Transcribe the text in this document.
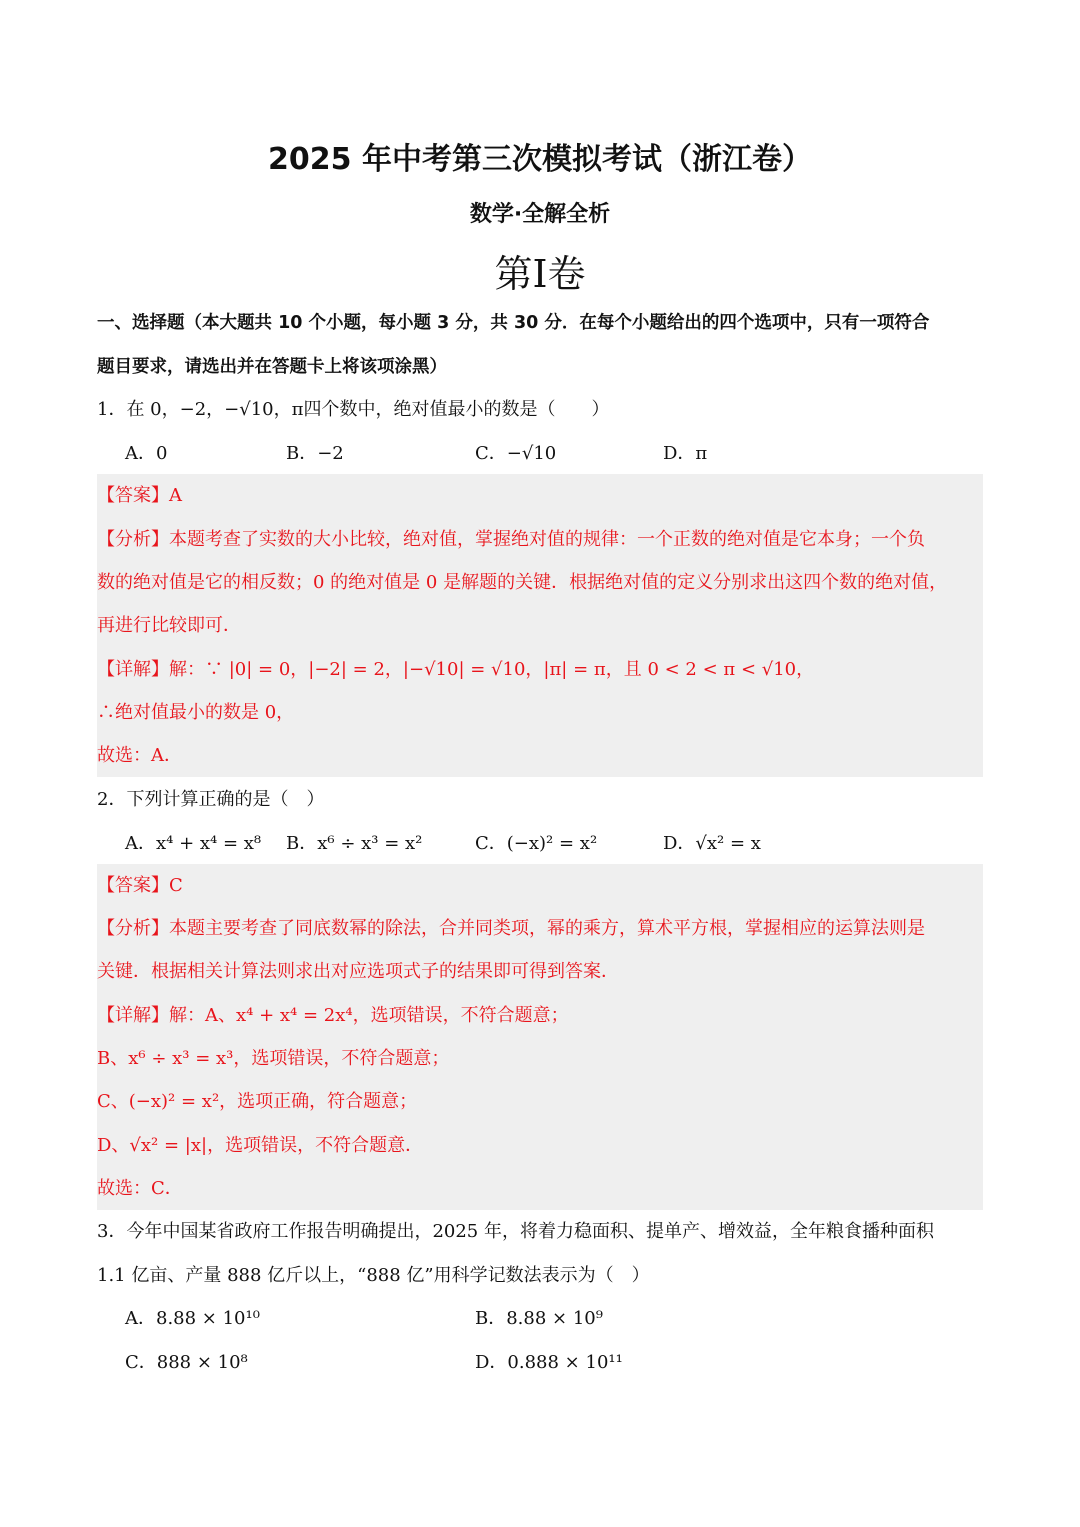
2025 年中考第三次模拟考试（浙江卷）
数学·全解全析
第I卷
一、选择题（本大题共 10 个小题，每小题 3 分，共 30 分．在每个小题给出的四个选项中，只有一项符合
题目要求，请选出并在答题卡上将该项涂黑）
1．在 0，−2，−√10，π四个数中，绝对值最小的数是（　　）
A．0	B．−2	C．−√10	D．π
【答案】A
【分析】本题考查了实数的大小比较，绝对值，掌握绝对值的规律：一个正数的绝对值是它本身；一个负
数的绝对值是它的相反数；0 的绝对值是 0 是解题的关键．根据绝对值的定义分别求出这四个数的绝对值，
再进行比较即可．
【详解】解：∵ |0| = 0，|−2| = 2，|−√10| = √10，|π| = π，且 0 < 2 < π < √10，
∴绝对值最小的数是 0，
故选：A．
2．下列计算正确的是（　）
A．x⁴ + x⁴ = x⁸ B．x⁶ ÷ x³ = x²	C．(−x)² = x²	D．√x² = x
【答案】C
【分析】本题主要考查了同底数幂的除法，合并同类项，幂的乘方，算术平方根，掌握相应的运算法则是
关键．根据相关计算法则求出对应选项式子的结果即可得到答案．
【详解】解：A、x⁴ + x⁴ = 2x⁴，选项错误，不符合题意；
B、x⁶ ÷ x³ = x³，选项错误，不符合题意；
C、(−x)² = x²，选项正确，符合题意；
D、√x² = |x|，选项错误，不符合题意．
故选：C．
3．今年中国某省政府工作报告明确提出，2025 年，将着力稳面积、提单产、增效益，全年粮食播种面积
1.1 亿亩、产量 888 亿斤以上，“888 亿”用科学记数法表示为（　）
A．8.88 × 10¹⁰	B．8.88 × 10⁹
C．888 × 10⁸	D．0.888 × 10¹¹
